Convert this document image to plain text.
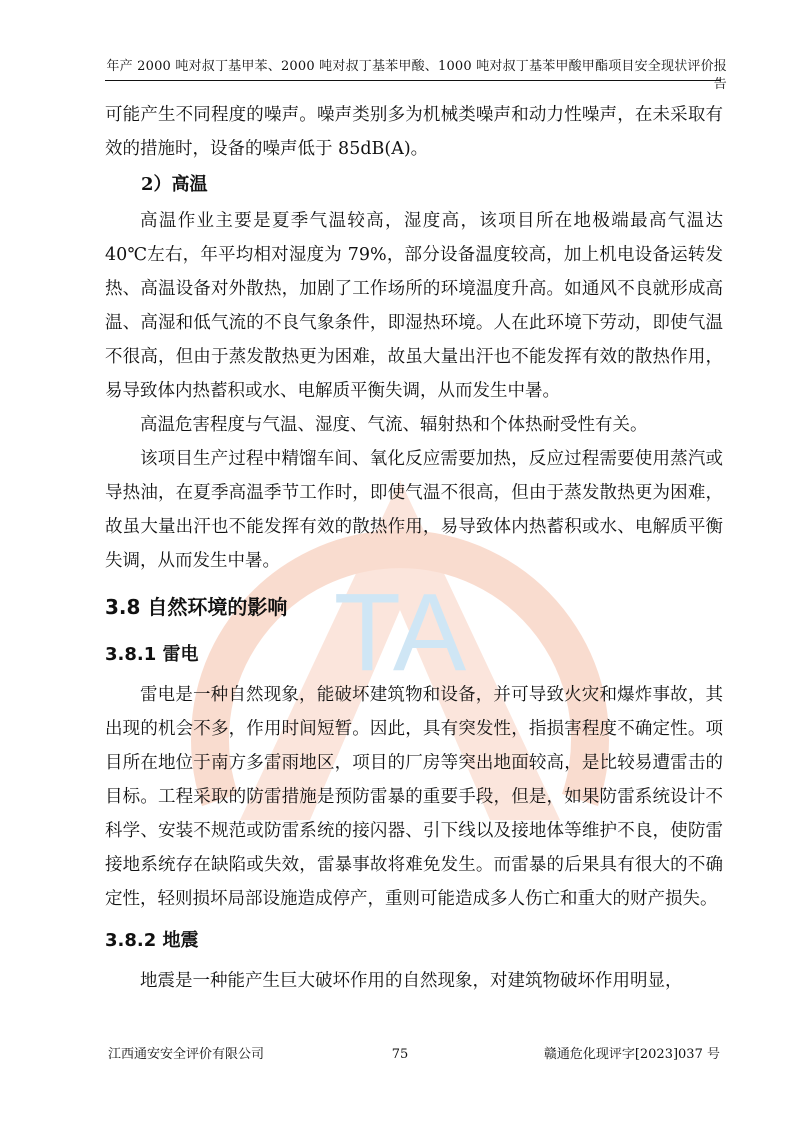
年产 2000 吨对叔丁基甲苯、2000 吨对叔丁基苯甲酸、1000 吨对叔丁基苯甲酸甲酯项目安全现状评价报告
TA

可能产生不同程度的噪声。噪声类别多为机械类噪声和动力性噪声，在未采取有效的措施时，设备的噪声低于 85dB(A)。

2）高温

高温作业主要是夏季气温较高，湿度高，该项目所在地极端最高气温达40℃左右，年平均相对湿度为 79%，部分设备温度较高，加上机电设备运转发热、高温设备对外散热，加剧了工作场所的环境温度升高。如通风不良就形成高温、高湿和低气流的不良气象条件，即湿热环境。人在此环境下劳动，即使气温不很高，但由于蒸发散热更为困难，故虽大量出汗也不能发挥有效的散热作用，易导致体内热蓄积或水、电解质平衡失调，从而发生中暑。

高温危害程度与气温、湿度、气流、辐射热和个体热耐受性有关。

该项目生产过程中精馏车间、氧化反应需要加热，反应过程需要使用蒸汽或导热油，在夏季高温季节工作时，即使气温不很高，但由于蒸发散热更为困难，故虽大量出汗也不能发挥有效的散热作用，易导致体内热蓄积或水、电解质平衡失调，从而发生中暑。

3.8 自然环境的影响
3.8.1 雷电

雷电是一种自然现象，能破坏建筑物和设备，并可导致火灾和爆炸事故，其出现的机会不多，作用时间短暂。因此，具有突发性，指损害程度不确定性。项目所在地位于南方多雷雨地区，项目的厂房等突出地面较高，是比较易遭雷击的目标。工程采取的防雷措施是预防雷暴的重要手段，但是，如果防雷系统设计不科学、安装不规范或防雷系统的接闪器、引下线以及接地体等维护不良，使防雷接地系统存在缺陷或失效，雷暴事故将难免发生。而雷暴的后果具有很大的不确定性，轻则损坏局部设施造成停产，重则可能造成多人伤亡和重大的财产损失。

3.8.2 地震

地震是一种能产生巨大破坏作用的自然现象，对建筑物破坏作用明显，

江西通安安全评价有限公司	75	赣通危化现评字[2023]037 号
